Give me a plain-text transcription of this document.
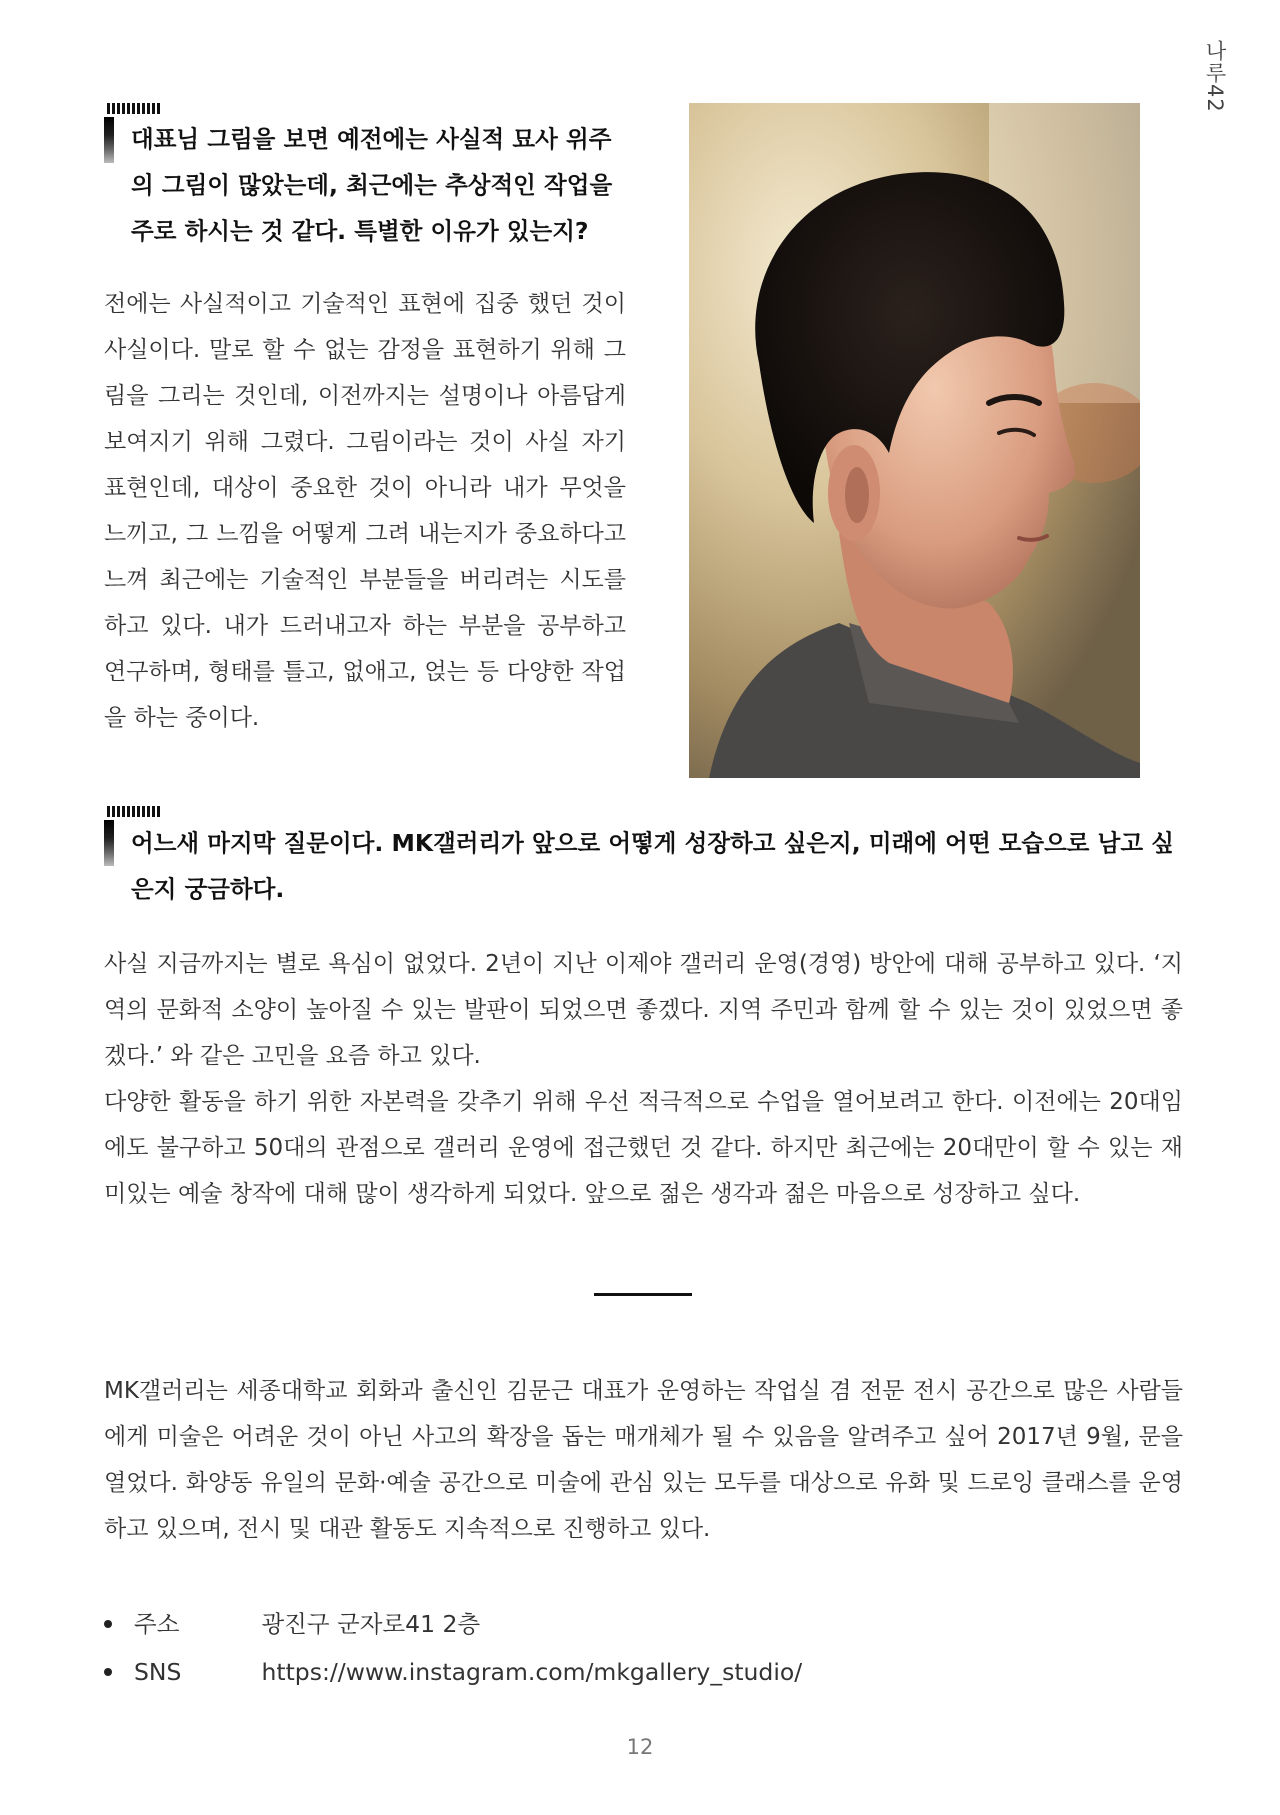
나루42

대표님 그림을 보면 예전에는 사실적 묘사 위주의 그림이 많았는데, 최근에는 추상적인 작업을 주로 하시는 것 같다. 특별한 이유가 있는지?

전에는 사실적이고 기술적인 표현에 집중 했던 것이 사실이다. 말로 할 수 없는 감정을 표현하기 위해 그림을 그리는 것인데, 이전까지는 설명이나 아름답게 보여지기 위해 그렸다. 그림이라는 것이 사실 자기 표현인데, 대상이 중요한 것이 아니라 내가 무엇을 느끼고, 그 느낌을 어떻게 그려 내는지가 중요하다고 느껴 최근에는 기술적인 부분들을 버리려는 시도를 하고 있다. 내가 드러내고자 하는 부분을 공부하고 연구하며, 형태를 틀고, 없애고, 얹는 등 다양한 작업을 하는 중이다.

어느새 마지막 질문이다. MK갤러리가 앞으로 어떻게 성장하고 싶은지, 미래에 어떤 모습으로 남고 싶은지 궁금하다.

사실 지금까지는 별로 욕심이 없었다. 2년이 지난 이제야 갤러리 운영(경영) 방안에 대해 공부하고 있다. ‘지역의 문화적 소양이 높아질 수 있는 발판이 되었으면 좋겠다. 지역 주민과 함께 할 수 있는 것이 있었으면 좋겠다.’ 와 같은 고민을 요즘 하고 있다.

다양한 활동을 하기 위한 자본력을 갖추기 위해 우선 적극적으로 수업을 열어보려고 한다. 이전에는 20대임에도 불구하고 50대의 관점으로 갤러리 운영에 접근했던 것 같다. 하지만 최근에는 20대만이 할 수 있는 재미있는 예술 창작에 대해 많이 생각하게 되었다. 앞으로 젊은 생각과 젊은 마음으로 성장하고 싶다.

MK갤러리는 세종대학교 회화과 출신인 김문근 대표가 운영하는 작업실 겸 전문 전시 공간으로 많은 사람들에게 미술은 어려운 것이 아닌 사고의 확장을 돕는 매개체가 될 수 있음을 알려주고 싶어 2017년 9월, 문을 열었다. 화양동 유일의 문화·예술 공간으로 미술에 관심 있는 모두를 대상으로 유화 및 드로잉 클래스를 운영하고 있으며, 전시 및 대관 활동도 지속적으로 진행하고 있다.

주소	광진구 군자로41 2층
SNS	https://www.instagram.com/mkgallery_studio/
12
